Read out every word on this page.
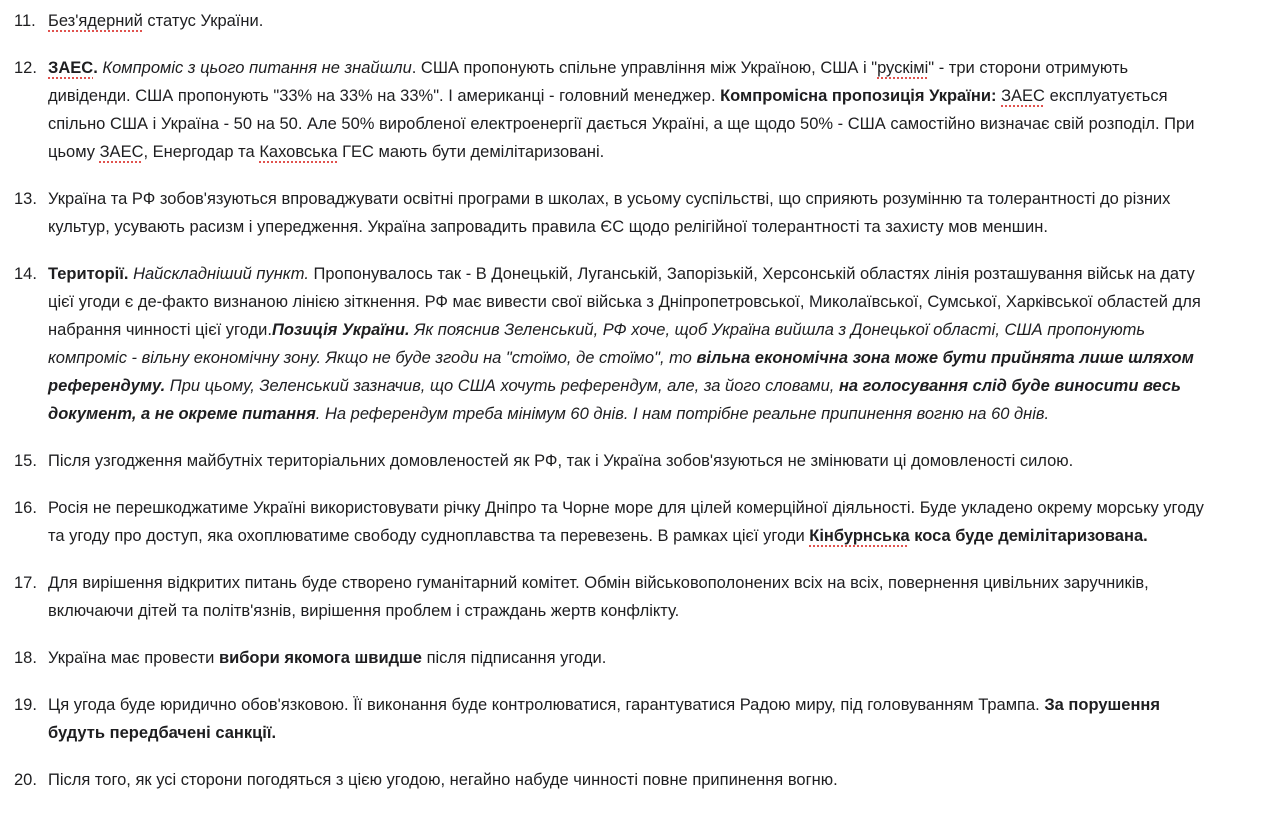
11. Без'ядерний статус України.
12. ЗАЕС. Компроміс з цього питання не знайшли. США пропонують спільне управління між Україною, США і "рускімі" - три сторони отримують дивіденди. США пропонують "33% на 33% на 33%". І американці - головний менеджер. Компромісна пропозиція України: ЗАЕС експлуатується спільно США і Україна - 50 на 50. Але 50% виробленої електроенергії дається Україні, а ще щодо 50% - США самостійно визначає свій розподіл. При цьому ЗАЕС, Енергодар та Каховська ГЕС мають бути демілітаризовані.
13. Україна та РФ зобов'язуються впроваджувати освітні програми в школах, в усьому суспільстві, що сприяють розумінню та толерантності до різних культур, усувають расизм і упередження. Україна запровадить правила ЄС щодо релігійної толерантності та захисту мов меншин.
14. Території. Найскладніший пункт. Пропонувалось так - В Донецькій, Луганській, Запорізькій, Херсонській областях лінія розташування військ на дату цієї угоди є де-факто визнаною лінією зіткнення. РФ має вивести свої війська з Дніпропетровської, Миколаївської, Сумської, Харківської областей для набрання чинності цієї угоди.Позиція України. Як пояснив Зеленський, РФ хоче, щоб Україна вийшла з Донецької області, США пропонують компроміс - вільну економічну зону. Якщо не буде згоди на "стоїмо, де стоїмо", то вільна економічна зона може бути прийнята лише шляхом референдуму. При цьому, Зеленський зазначив, що США хочуть референдум, але, за його словами, на голосування слід буде виносити весь документ, а не окреме питання. На референдум треба мінімум 60 днів. І нам потрібне реальне припинення вогню на 60 днів.
15. Після узгодження майбутніх територіальних домовленостей як РФ, так і Україна зобов'язуються не змінювати ці домовленості силою.
16. Росія не перешкоджатиме Україні використовувати річку Дніпро та Чорне море для цілей комерційної діяльності. Буде укладено окрему морську угоду та угоду про доступ, яка охоплюватиме свободу судноплавства та перевезень. В рамках цієї угоди Кінбурнська коса буде демілітаризована.
17. Для вирішення відкритих питань буде створено гуманітарний комітет. Обмін військовополонених всіх на всіх, повернення цивільних заручників, включаючи дітей та політв'язнів, вирішення проблем і страждань жертв конфлікту.
18. Україна має провести вибори якомога швидше після підписання угоди.
19. Ця угода буде юридично обов'язковою. Її виконання буде контролюватися, гарантуватися Радою миру, під головуванням Трампа. За порушення будуть передбачені санкції.
20. Після того, як усі сторони погодяться з цією угодою, негайно набуде чинності повне припинення вогню.
